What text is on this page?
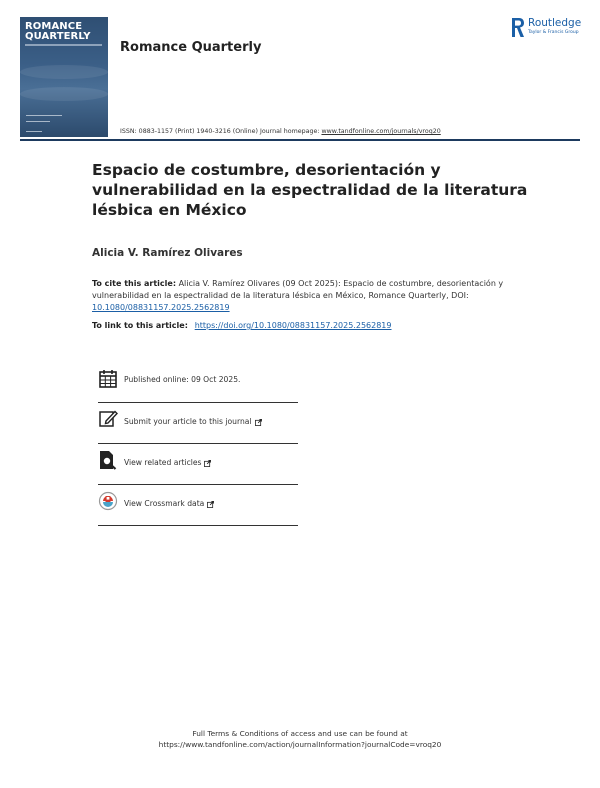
ROMANCE
QUARTERLY
Romance Quarterly
Routledge
Taylor & Francis Group
ISSN: 0883-1157 (Print) 1940-3216 (Online) Journal homepage: www.tandfonline.com/journals/vroq20
Espacio de costumbre, desorientación y vulnerabilidad en la espectralidad de la literatura lésbica en México
Alicia V. Ramírez Olivares
To cite this article: Alicia V. Ramírez Olivares (09 Oct 2025): Espacio de costumbre, desorientación y vulnerabilidad en la espectralidad de la literatura lésbica en México, Romance Quarterly, DOI: 10.1080/08831157.2025.2562819
To link to this article: https://doi.org/10.1080/08831157.2025.2562819
Published online: 09 Oct 2025.
Submit your article to this journal
View related articles
View Crossmark data
Full Terms & Conditions of access and use can be found at
https://www.tandfonline.com/action/journalInformation?journalCode=vroq20
